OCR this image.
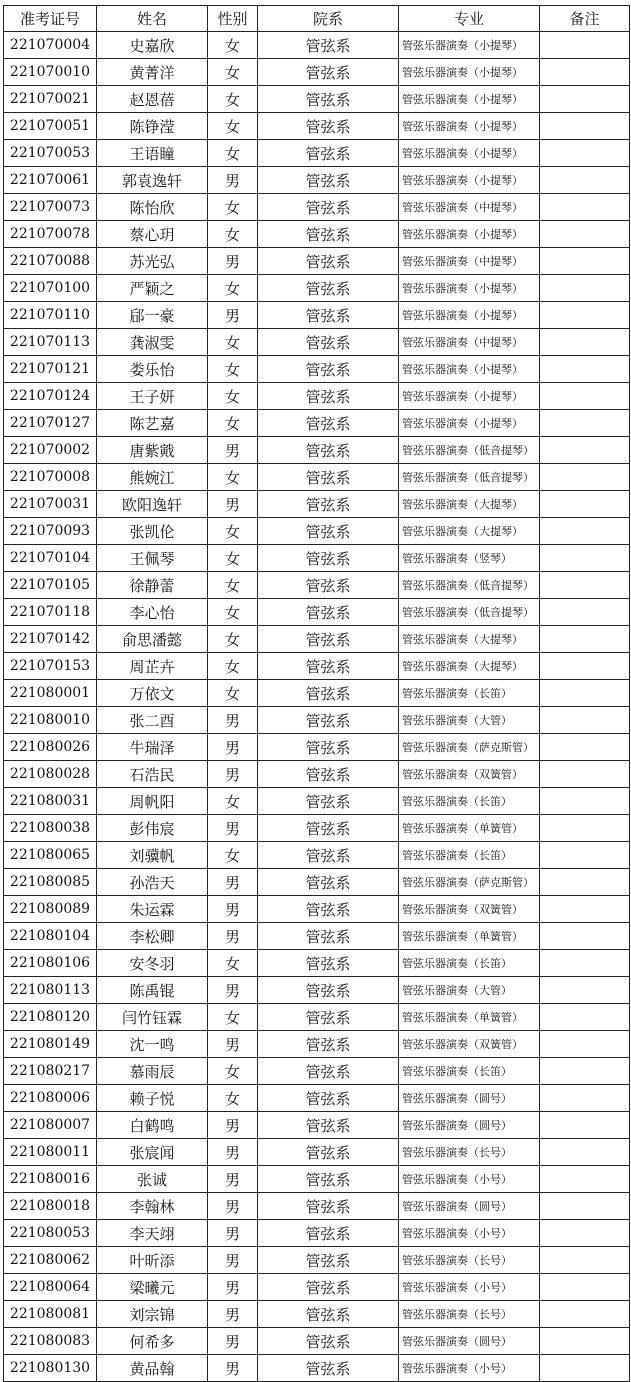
准考证号	姓名	性别	院系	专业	备注
221070004	史嘉欣	女	管弦系	管弦乐器演奏（小提琴）	
221070010	黄菁洋	女	管弦系	管弦乐器演奏（小提琴）	
221070021	赵恩蓓	女	管弦系	管弦乐器演奏（小提琴）	
221070051	陈铮滢	女	管弦系	管弦乐器演奏（小提琴）	
221070053	王语瞳	女	管弦系	管弦乐器演奏（小提琴）	
221070061	郭袁逸轩	男	管弦系	管弦乐器演奏（小提琴）	
221070073	陈怡欣	女	管弦系	管弦乐器演奏（中提琴）	
221070078	蔡心玥	女	管弦系	管弦乐器演奏（小提琴）	
221070088	苏光弘	男	管弦系	管弦乐器演奏（中提琴）	
221070100	严颖之	女	管弦系	管弦乐器演奏（小提琴）	
221070110	郈一豪	男	管弦系	管弦乐器演奏（小提琴）	
221070113	龚淑雯	女	管弦系	管弦乐器演奏（中提琴）	
221070121	娄乐怡	女	管弦系	管弦乐器演奏（小提琴）	
221070124	王子妍	女	管弦系	管弦乐器演奏（小提琴）	
221070127	陈艺嘉	女	管弦系	管弦乐器演奏（小提琴）	
221070002	唐紫戭	男	管弦系	管弦乐器演奏（低音提琴）	
221070008	熊婉江	女	管弦系	管弦乐器演奏（低音提琴）	
221070031	欧阳逸轩	男	管弦系	管弦乐器演奏（大提琴）	
221070093	张凯伦	女	管弦系	管弦乐器演奏（大提琴）	
221070104	王佩琴	女	管弦系	管弦乐器演奏（竖琴）	
221070105	徐静蕾	女	管弦系	管弦乐器演奏（低音提琴）	
221070118	李心怡	女	管弦系	管弦乐器演奏（低音提琴）	
221070142	俞思潘懿	女	管弦系	管弦乐器演奏（大提琴）	
221070153	周芷卉	女	管弦系	管弦乐器演奏（大提琴）	
221080001	万依文	女	管弦系	管弦乐器演奏（长笛）	
221080010	张二酉	男	管弦系	管弦乐器演奏（大管）	
221080026	牛瑞泽	男	管弦系	管弦乐器演奏（萨克斯管）	
221080028	石浩民	男	管弦系	管弦乐器演奏（双簧管）	
221080031	周帆阳	女	管弦系	管弦乐器演奏（长笛）	
221080038	彭伟宸	男	管弦系	管弦乐器演奏（单簧管）	
221080065	刘骥帆	女	管弦系	管弦乐器演奏（长笛）	
221080085	孙浩天	男	管弦系	管弦乐器演奏（萨克斯管）	
221080089	朱运霖	男	管弦系	管弦乐器演奏（双簧管）	
221080104	李松卿	男	管弦系	管弦乐器演奏（单簧管）	
221080106	安冬羽	女	管弦系	管弦乐器演奏（长笛）	
221080113	陈禹锟	男	管弦系	管弦乐器演奏（大管）	
221080120	闫竹钰霖	女	管弦系	管弦乐器演奏（单簧管）	
221080149	沈一鸣	男	管弦系	管弦乐器演奏（双簧管）	
221080217	慕雨辰	女	管弦系	管弦乐器演奏（长笛）	
221080006	赖子悦	女	管弦系	管弦乐器演奏（圆号）	
221080007	白鹤鸣	男	管弦系	管弦乐器演奏（圆号）	
221080011	张宸闻	男	管弦系	管弦乐器演奏（长号）	
221080016	张诚	男	管弦系	管弦乐器演奏（小号）	
221080018	李翰林	男	管弦系	管弦乐器演奏（圆号）	
221080053	李天翊	男	管弦系	管弦乐器演奏（小号）	
221080062	叶昕添	男	管弦系	管弦乐器演奏（长号）	
221080064	梁曦元	男	管弦系	管弦乐器演奏（小号）	
221080081	刘宗锦	男	管弦系	管弦乐器演奏（长号）	
221080083	何希多	男	管弦系	管弦乐器演奏（圆号）	
221080130	黄品翰	男	管弦系	管弦乐器演奏（小号）	
